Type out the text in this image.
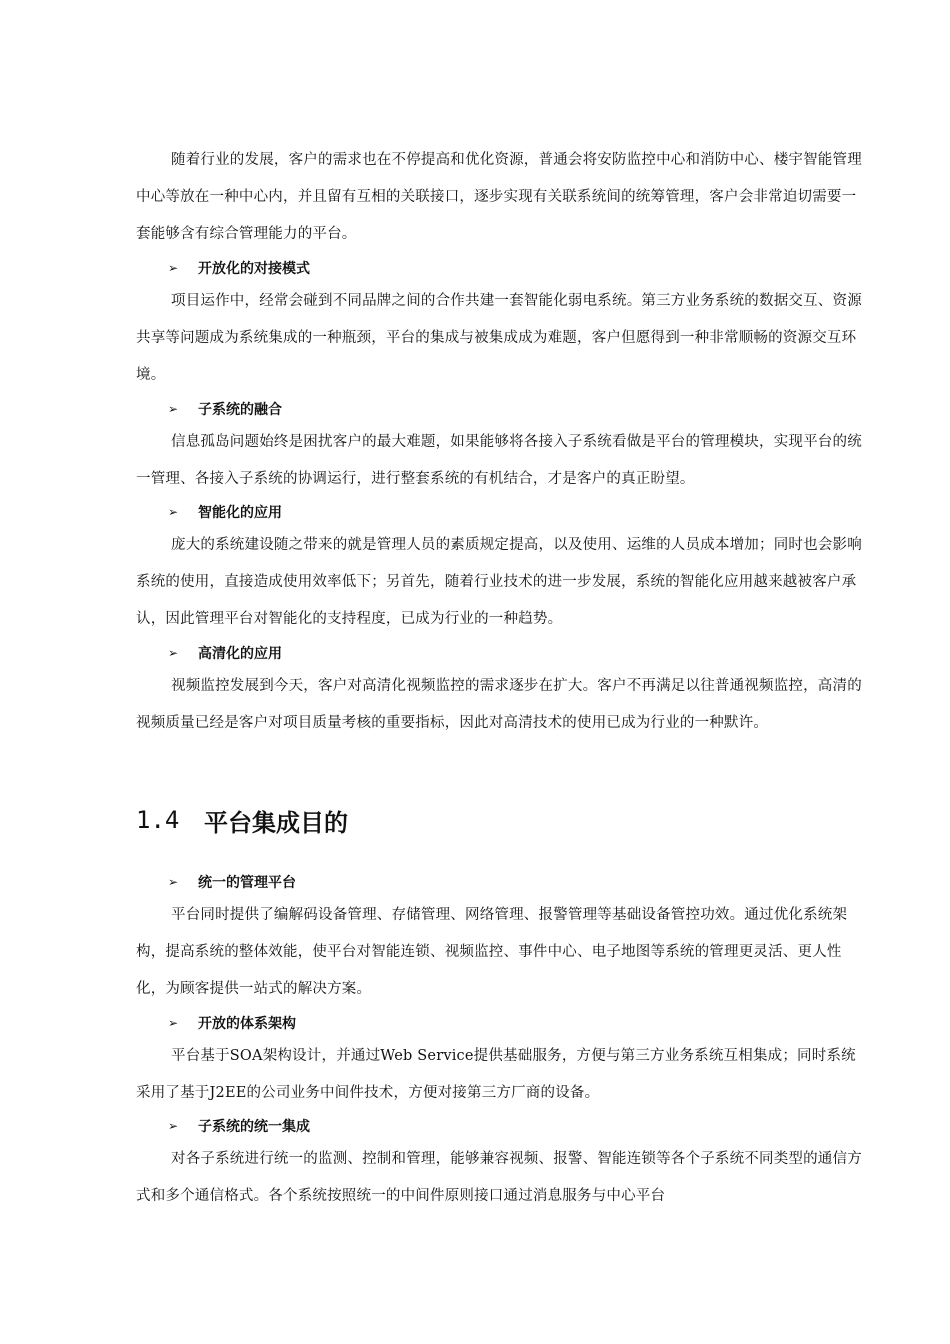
随着行业的发展，客户的需求也在不停提高和优化资源，普通会将安防监控中心和消防中心、楼宇智能管理中心等放在一种中心内，并且留有互相的关联接口，逐步实现有关联系统间的统筹管理，客户会非常迫切需要一套能够含有综合管理能力的平台。

➢	开放化的对接模式

项目运作中，经常会碰到不同品牌之间的合作共建一套智能化弱电系统。第三方业务系统的数据交互、资源共享等问题成为系统集成的一种瓶颈，平台的集成与被集成成为难题，客户但愿得到一种非常顺畅的资源交互环境。

➢	子系统的融合

信息孤岛问题始终是困扰客户的最大难题，如果能够将各接入子系统看做是平台的管理模块，实现平台的统一管理、各接入子系统的协调运行，进行整套系统的有机结合，才是客户的真正盼望。

➢	智能化的应用

庞大的系统建设随之带来的就是管理人员的素质规定提高，以及使用、运维的人员成本增加；同时也会影响系统的使用，直接造成使用效率低下；另首先，随着行业技术的进一步发展，系统的智能化应用越来越被客户承认，因此管理平台对智能化的支持程度，已成为行业的一种趋势。

➢	高清化的应用

视频监控发展到今天，客户对高清化视频监控的需求逐步在扩大。客户不再满足以往普通视频监控，高清的视频质量已经是客户对项目质量考核的重要指标，因此对高清技术的使用已成为行业的一种默许。

1.4	平台集成目的
➢	统一的管理平台

平台同时提供了编解码设备管理、存储管理、网络管理、报警管理等基础设备管控功效。通过优化系统架构，提高系统的整体效能，使平台对智能连锁、视频监控、事件中心、电子地图等系统的管理更灵活、更人性化，为顾客提供一站式的解决方案。

➢	开放的体系架构

平台基于SOA架构设计，并通过Web Service提供基础服务，方便与第三方业务系统互相集成；同时系统采用了基于J2EE的公司业务中间件技术，方便对接第三方厂商的设备。

➢	子系统的统一集成

对各子系统进行统一的监测、控制和管理，能够兼容视频、报警、智能连锁等各个子系统不同类型的通信方式和多个通信格式。各个系统按照统一的中间件原则接口通过消息服务与中心平台
